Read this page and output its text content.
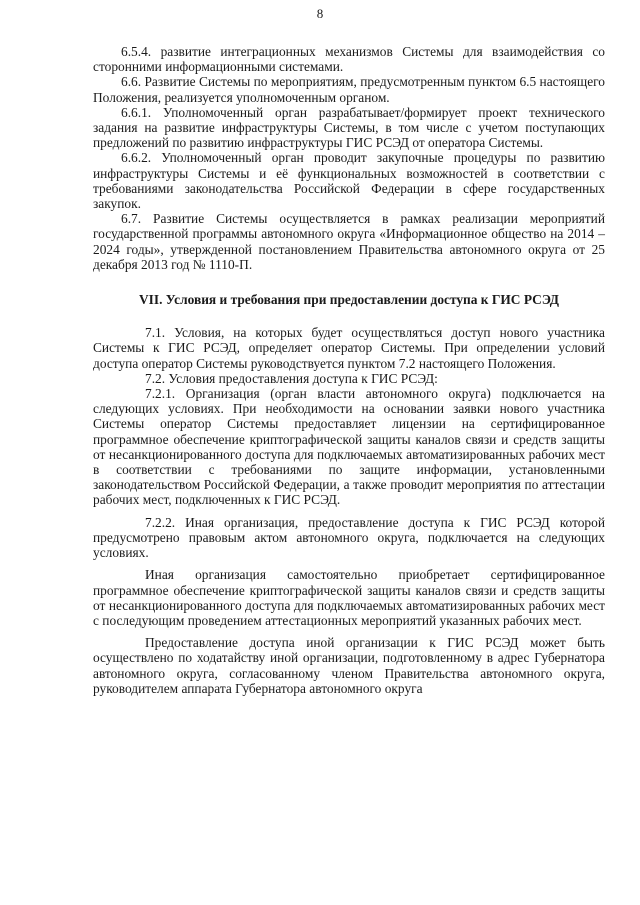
8

6.5.4. развитие интеграционных механизмов Системы для взаимодействия со сторонними информационными системами.

6.6. Развитие Системы по мероприятиям, предусмотренным пунктом 6.5 настоящего Положения, реализуется уполномоченным органом.

6.6.1. Уполномоченный орган разрабатывает/формирует проект технического задания на развитие инфраструктуры Системы, в том числе с учетом поступающих предложений по развитию инфраструктуры ГИС РСЭД от оператора Системы.

6.6.2. Уполномоченный орган проводит закупочные процедуры по развитию инфраструктуры Системы и её функциональных возможностей в соответствии с требованиями законодательства Российской Федерации в сфере государственных закупок.

6.7. Развитие Системы осуществляется в рамках реализации мероприятий государственной программы автономного округа «Информационное общество на 2014 – 2024 годы», утвержденной постановлением Правительства автономного округа от 25 декабря 2013 год № 1110-П.

VII. Условия и требования при предоставлении доступа к ГИС РСЭД

7.1. Условия, на которых будет осуществляться доступ нового участника Системы к ГИС РСЭД, определяет оператор Системы. При определении условий доступа оператор Системы руководствуется пунктом 7.2 настоящего Положения.

7.2. Условия предоставления доступа к ГИС РСЭД:

7.2.1. Организация (орган власти автономного округа) подключается на следующих условиях. При необходимости на основании заявки нового участника Системы оператор Системы предоставляет лицензии на сертифицированное программное обеспечение криптографической защиты каналов связи и средств защиты от несанкционированного доступа для подключаемых автоматизированных рабочих мест в соответствии с требованиями по защите информации, установленными законодательством Российской Федерации, а также проводит мероприятия по аттестации рабочих мест, подключенных к ГИС РСЭД.

7.2.2. Иная организация, предоставление доступа к ГИС РСЭД которой предусмотрено правовым актом автономного округа, подключается на следующих условиях.

Иная организация самостоятельно приобретает сертифицированное программное обеспечение криптографической защиты каналов связи и средств защиты от несанкционированного доступа для подключаемых автоматизированных рабочих мест с последующим проведением аттестационных мероприятий указанных рабочих мест.

Предоставление доступа иной организации к ГИС РСЭД может быть осуществлено по ходатайству иной организации, подготовленному в адрес Губернатора автономного округа, согласованному членом Правительства автономного округа, руководителем аппарата Губернатора автономного округа
